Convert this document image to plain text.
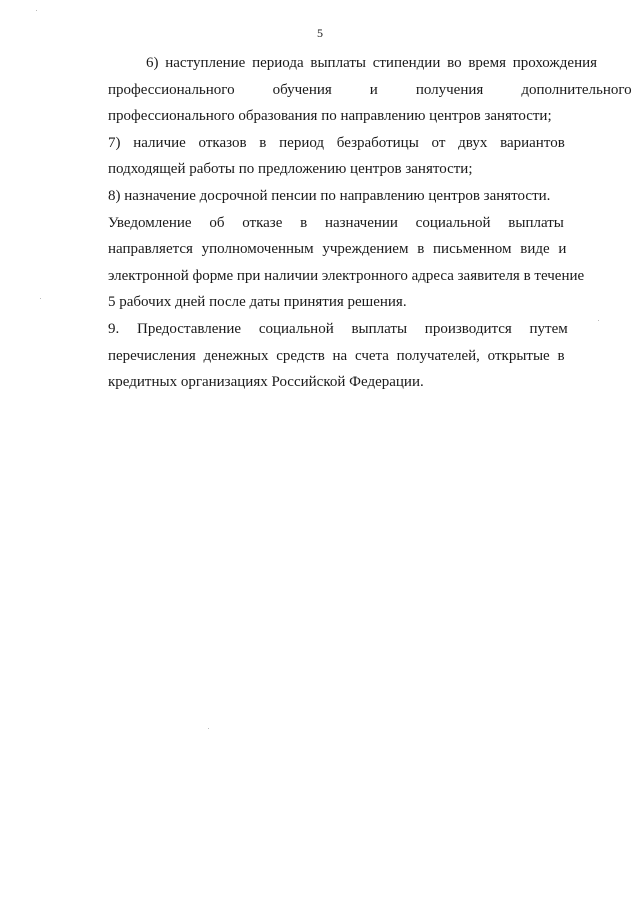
5

6) наступление периода выплаты стипендии во время прохождения
профессионального	обучения	и	получения	дополнительного
профессионального образования по направлению центров занятости;

7) наличие отказов в период безработицы от двух вариантов
подходящей работы по предложению центров занятости;

8) назначение досрочной пенсии по направлению центров занятости.

Уведомление об отказе в назначении социальной выплаты
направляется уполномоченным учреждением в письменном виде и
электронной форме при наличии электронного адреса заявителя в течение
5 рабочих дней после даты принятия решения.

9. Предоставление социальной выплаты производится путем
перечисления денежных средств на счета получателей, открытые в
кредитных организациях Российской Федерации.
